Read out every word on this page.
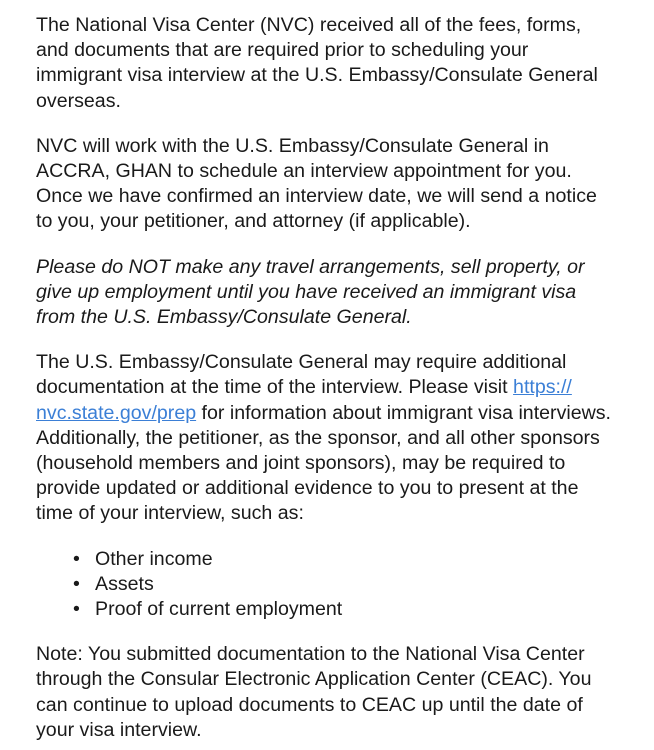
The National Visa Center (NVC) received all of the fees, forms,
and documents that are required prior to scheduling your
immigrant visa interview at the U.S. Embassy/Consulate General
overseas.

NVC will work with the U.S. Embassy/Consulate General in
ACCRA, GHAN to schedule an interview appointment for you.
Once we have confirmed an interview date, we will send a notice
to you, your petitioner, and attorney (if applicable).

Please do NOT make any travel arrangements, sell property, or
give up employment until you have received an immigrant visa
from the U.S. Embassy/Consulate General.

The U.S. Embassy/Consulate General may require additional
documentation at the time of the interview. Please visit https://
nvc.state.gov/prep for information about immigrant visa interviews.
Additionally, the petitioner, as the sponsor, and all other sponsors
(household members and joint sponsors), may be required to
provide updated or additional evidence to you to present at the
time of your interview, such as:

• Other income
• Assets
• Proof of current employment

Note: You submitted documentation to the National Visa Center
through the Consular Electronic Application Center (CEAC). You
can continue to upload documents to CEAC up until the date of
your visa interview.
